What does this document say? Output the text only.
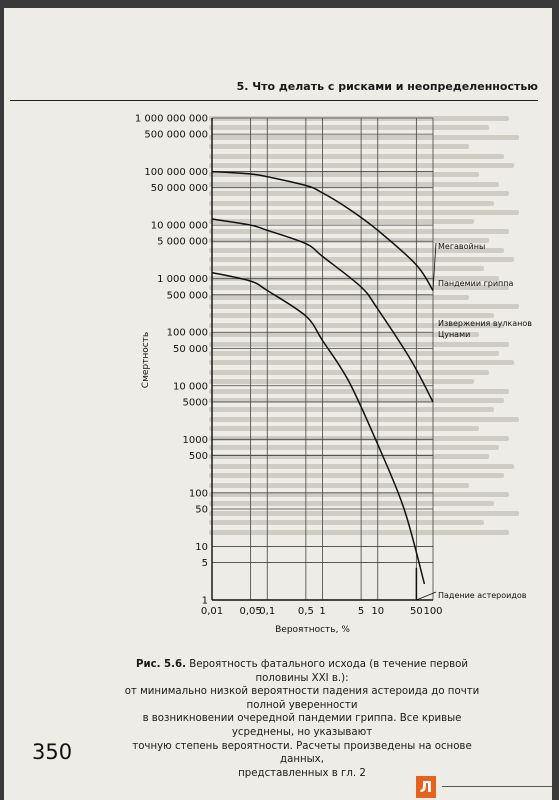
5. Что делать с рисками и неопределенностью
Рис. 5.6. Вероятность фатального исхода (в течение первой половины XXI в.):
от минимально низкой вероятности падения астероида до почти полной уверенности
в возникновении очередной пандемии гриппа. Все кривые усреднены, но указывают
точную степень вероятности. Расчеты произведены на основе данных,
представленных в гл. 2
350
Л
1 000 000 000
500 000 000
100 000 000
50 000 000
10 000 000
5 000 000
1 000 000
500 000
100 000
50 000
10 000
5000
1000
500
100
50
10
5
1
0,01 0,05
0,1 0,5 1	5 10	50 100
Вероятность, %
Смертность
Мегавойны
Пандемии гриппа
Извержения вулканов
Цунами
Падение астероидов
